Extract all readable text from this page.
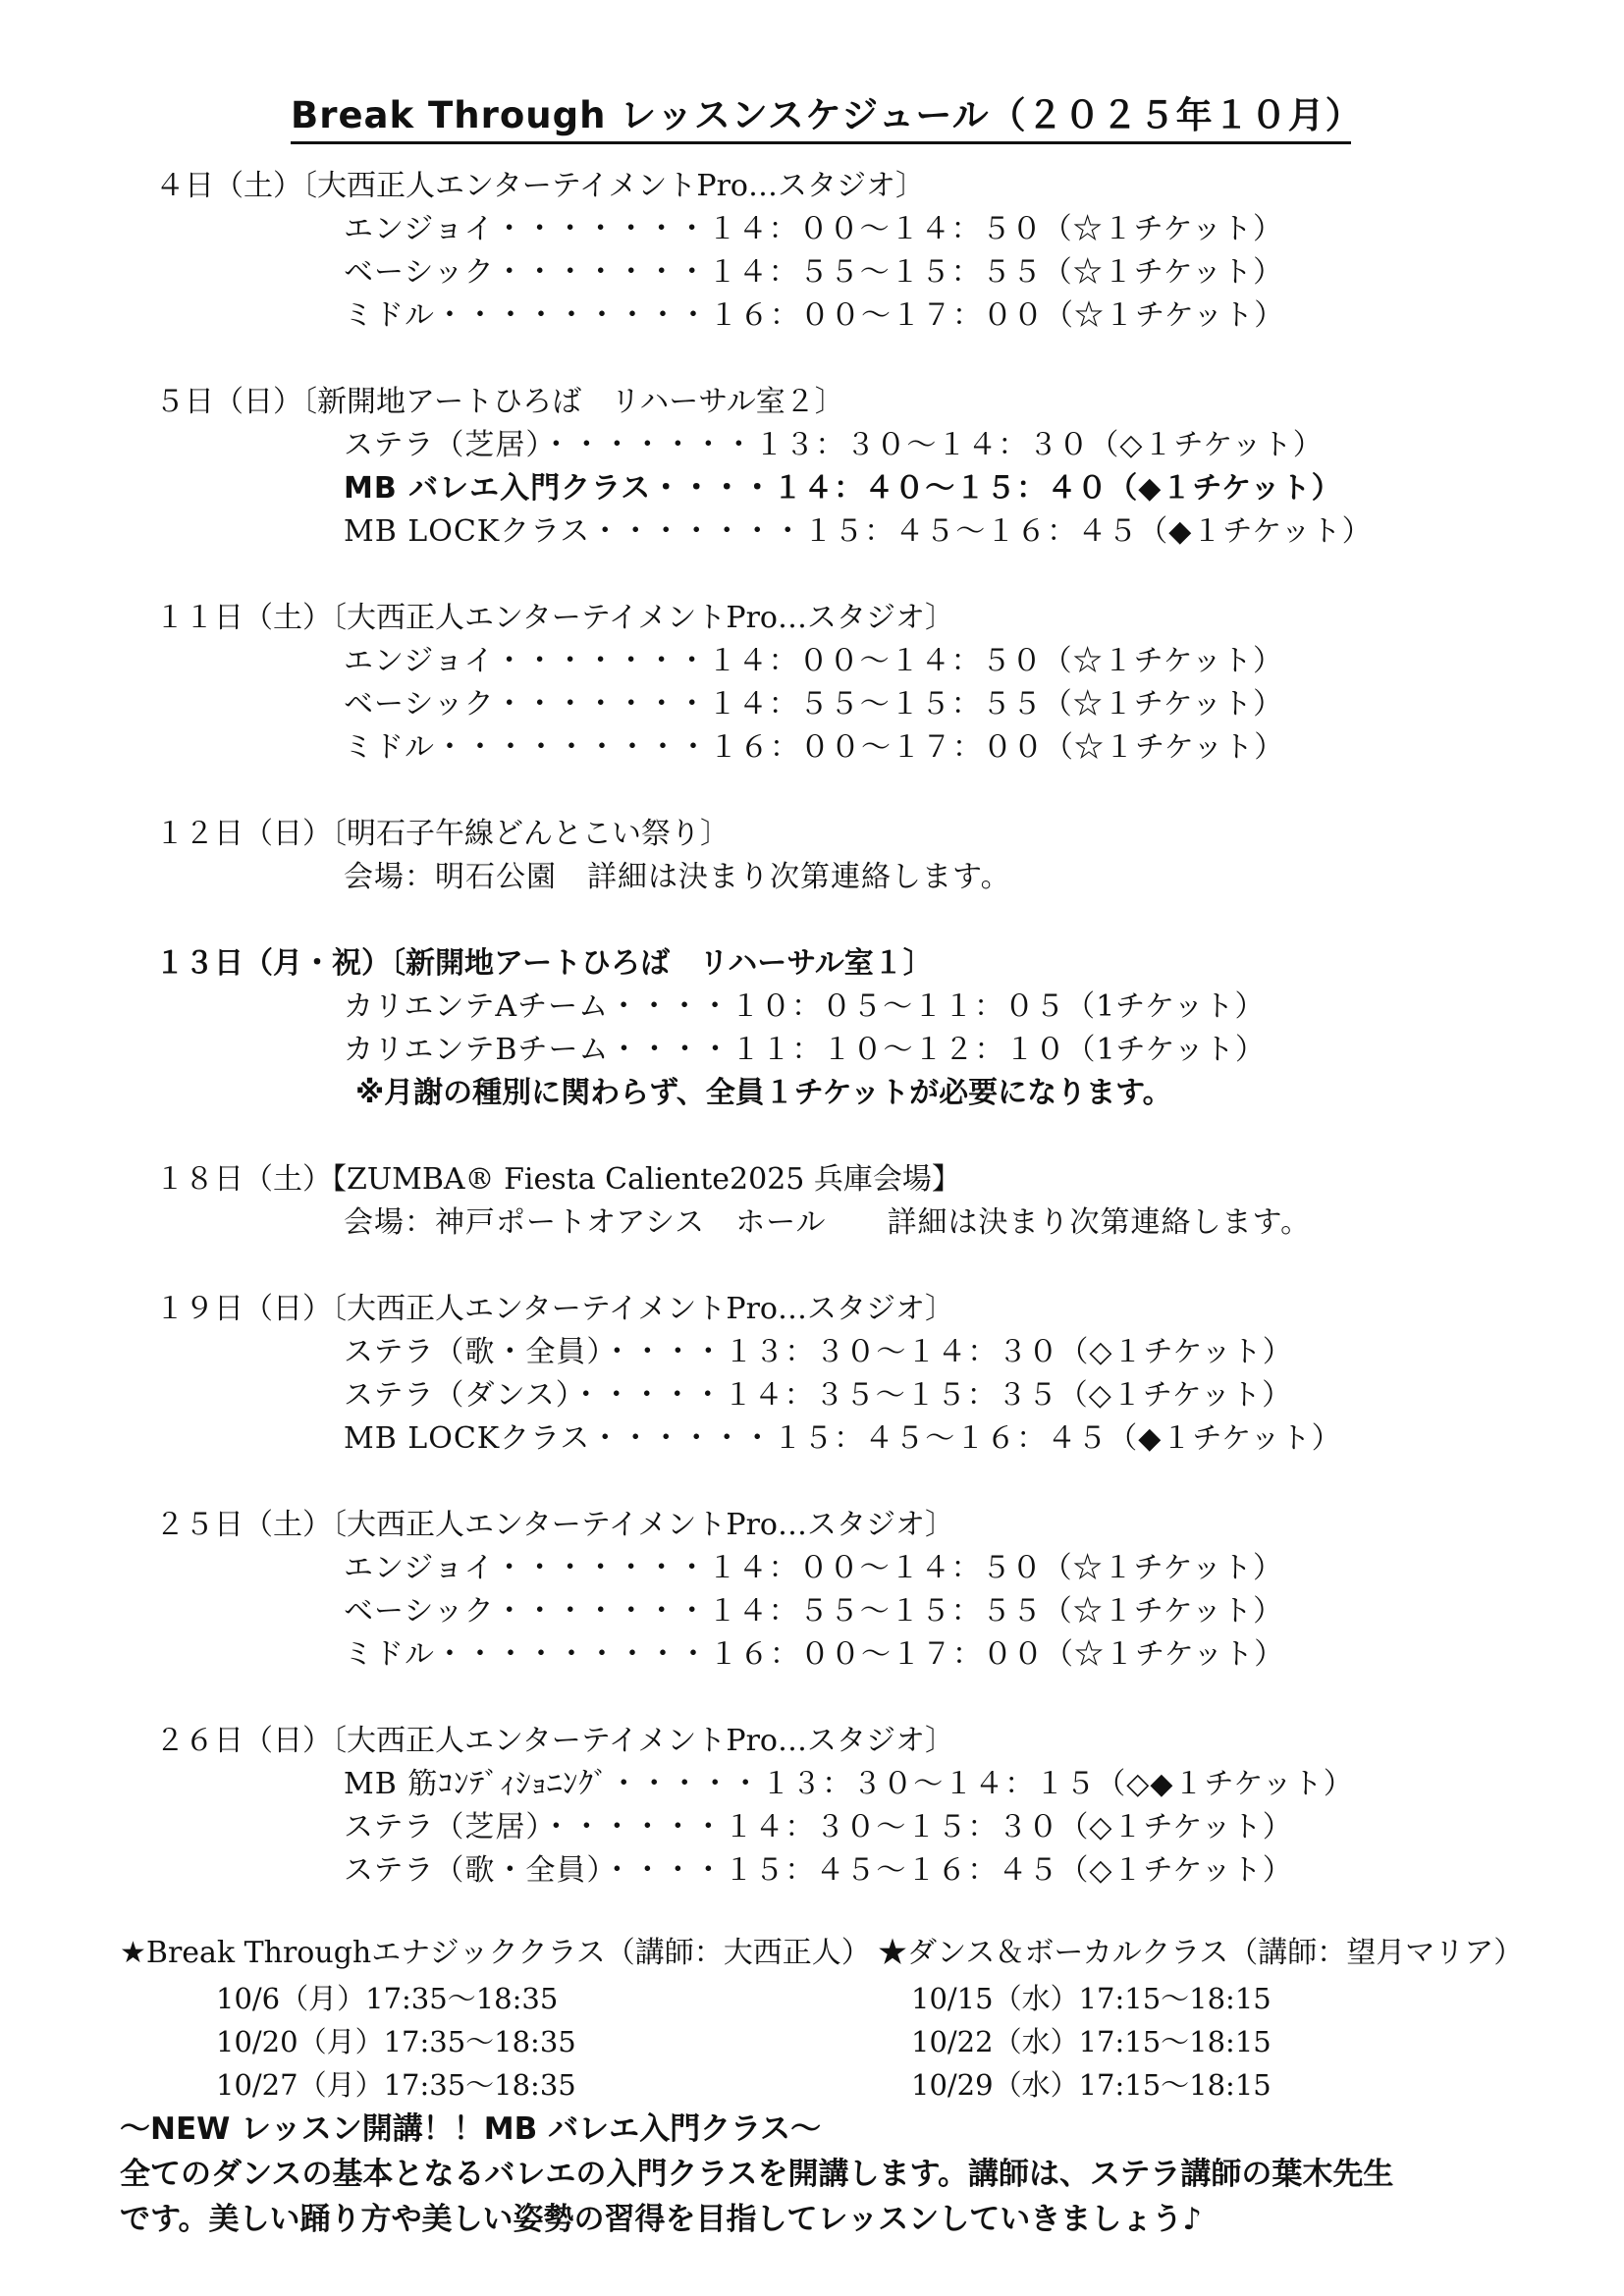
Break Through レッスンスケジュール（２０２５年１０月）
４日（土）〔大西正人エンターテイメントPro…スタジオ〕
エンジョイ・・・・・・・１４：００～１４：５０（☆１チケット）
ベーシック・・・・・・・１４：５５～１５：５５（☆１チケット）
ミドル・・・・・・・・・１６：００～１７：００（☆１チケット）
５日（日）〔新開地アートひろば　リハーサル室２〕
ステラ（芝居）・・・・・・・１３：３０～１４：３０（◇１チケット）
MB バレエ入門クラス・・・・１４：４０～１５：４０（◆１チケット）
MB LOCKクラス・・・・・・・１５：４５～１６：４５（◆１チケット）
１１日（土）〔大西正人エンターテイメントPro…スタジオ〕
エンジョイ・・・・・・・１４：００～１４：５０（☆１チケット）
ベーシック・・・・・・・１４：５５～１５：５５（☆１チケット）
ミドル・・・・・・・・・１６：００～１７：００（☆１チケット）
１２日（日）〔明石子午線どんとこい祭り〕
会場：明石公園　詳細は決まり次第連絡します。
１３日（月・祝）〔新開地アートひろば　リハーサル室１〕
カリエンテAチーム・・・・１０：０５～１１：０５（1チケット）
カリエンテBチーム・・・・１１：１０～１２：１０（1チケット）
※月謝の種別に関わらず、全員１チケットが必要になります。
１８日（土）【ZUMBA® Fiesta Caliente2025 兵庫会場】
会場：神戸ポートオアシス　ホール　　詳細は決まり次第連絡します。
１９日（日）〔大西正人エンターテイメントPro…スタジオ〕
ステラ（歌・全員）・・・・１３：３０～１４：３０（◇１チケット）
ステラ（ダンス）・・・・・１４：３５～１５：３５（◇１チケット）
MB LOCKクラス・・・・・・１５：４５～１６：４５（◆１チケット）
２５日（土）〔大西正人エンターテイメントPro…スタジオ〕
エンジョイ・・・・・・・１４：００～１４：５０（☆１チケット）
ベーシック・・・・・・・１４：５５～１５：５５（☆１チケット）
ミドル・・・・・・・・・１６：００～１７：００（☆１チケット）
２６日（日）〔大西正人エンターテイメントPro…スタジオ〕
MB 筋ｺﾝﾃﾞｨｼｮﾆﾝｸﾞ・・・・・１３：３０～１４：１５（◇◆１チケット）
ステラ（芝居）・・・・・・１４：３０～１５：３０（◇１チケット）
ステラ（歌・全員）・・・・１５：４５～１６：４５（◇１チケット）
★Break Throughエナジッククラス（講師：大西正人） ★ダンス＆ボーカルクラス（講師：望月マリア）
10/6（月）17:35～18:35
10/20（月）17:35～18:35
10/27（月）17:35～18:35
10/15（水）17:15～18:15
10/22（水）17:15～18:15
10/29（水）17:15～18:15
～NEW レッスン開講！！MB バレエ入門クラス～
全てのダンスの基本となるバレエの入門クラスを開講します。講師は、ステラ講師の葉木先生
です。美しい踊り方や美しい姿勢の習得を目指してレッスンしていきましょう♪
